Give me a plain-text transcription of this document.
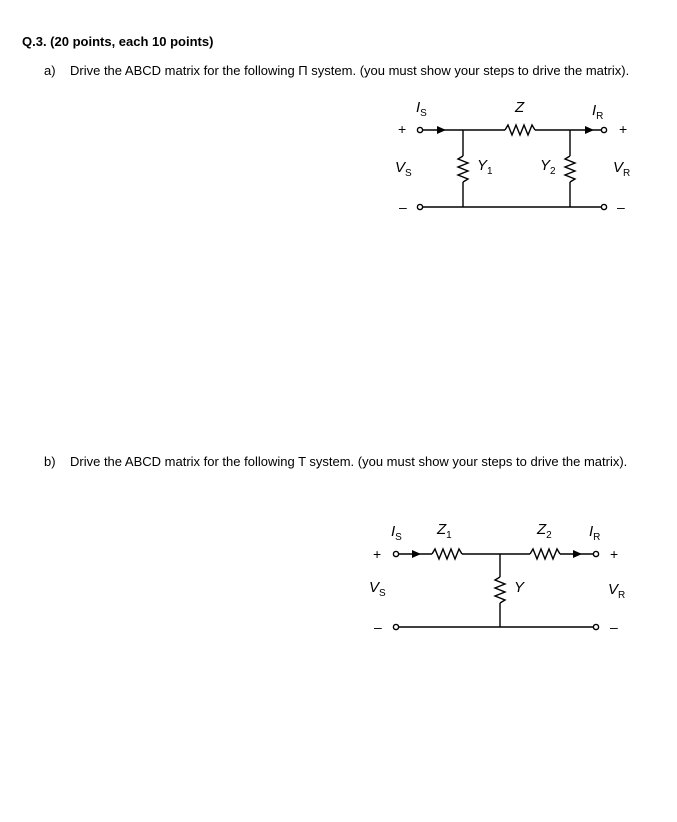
Q.3. (20 points, each 10 points)
a) Drive the ABCD matrix for the following Π system. (you must show your steps to drive the matrix).
b) Drive the ABCD matrix for the following T system. (you must show your steps to drive the matrix).
$I_S$	Z	$I_R$
+	+
–	–
$V_S$	$Y_1$	$Y_2$	$V_R$
$I_S$ $Z_1$	$Z_2$ $I_R$
+	+
–	–
$V_S$	Y	$V_R$
